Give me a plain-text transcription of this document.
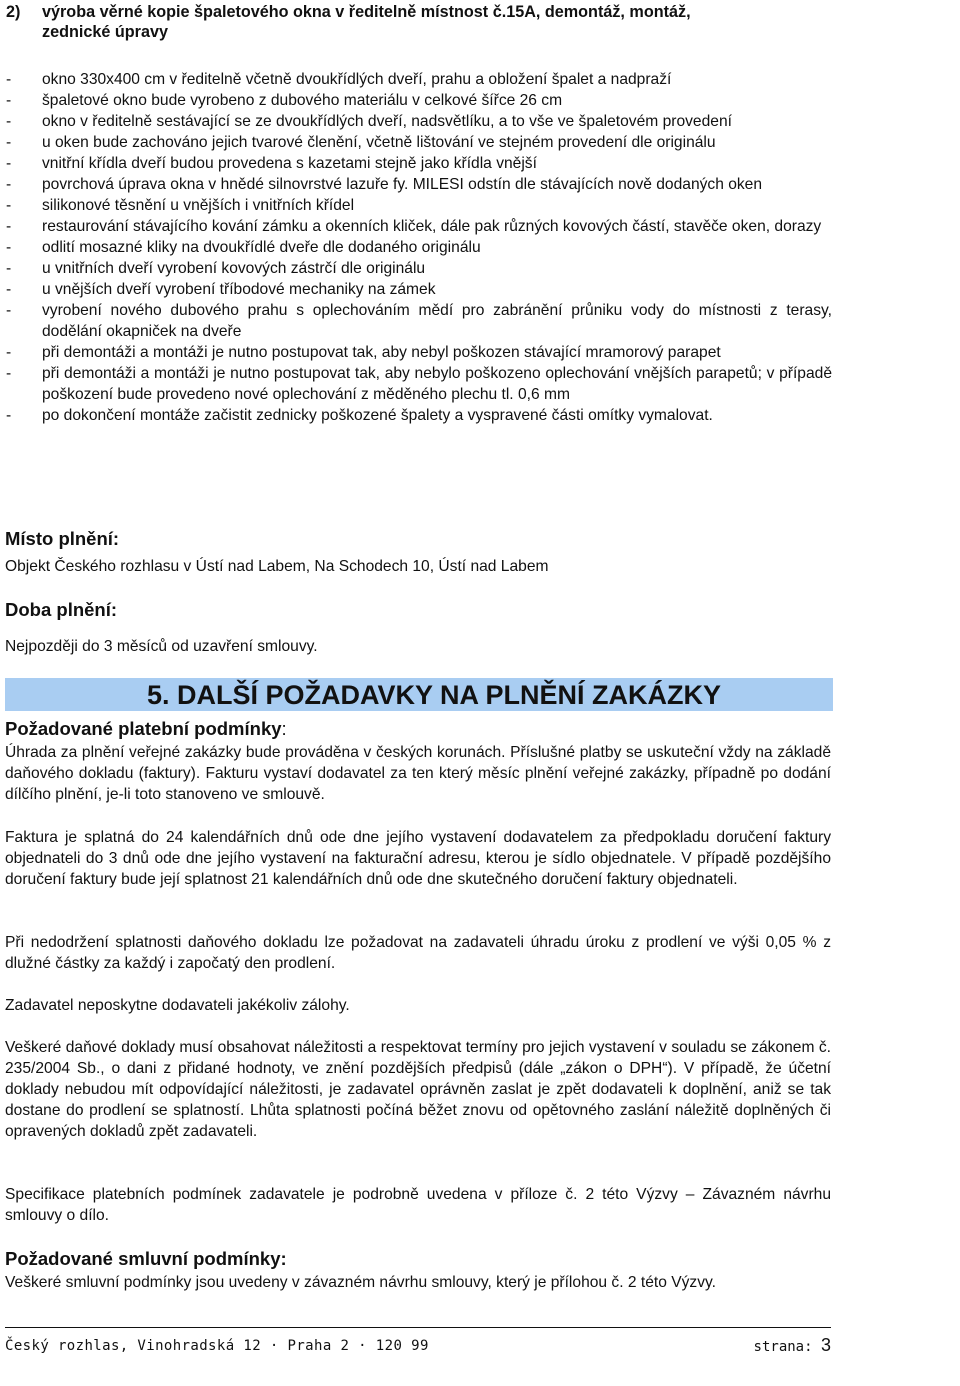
2) výroba věrné kopie špaletového okna v ředitelně místnost č.15A, demontáž, montáž,
zednické úpravy
- okno 330x400 cm v ředitelně včetně dvoukřídlých dveří, prahu a obložení špalet a nadpraží
- špaletové okno bude vyrobeno z dubového materiálu v celkové šířce 26 cm
- okno v ředitelně sestávající se ze dvoukřídlých dveří, nadsvětlíku, a to vše ve špaletovém provedení
- u oken bude zachováno jejich tvarové členění, včetně lištování ve stejném provedení dle originálu
- vnitřní křídla dveří budou provedena s kazetami stejně jako křídla vnější
- povrchová úprava okna v hnědé silnovrstvé lazuře fy. MILESI odstín dle stávajících nově dodaných oken
- silikonové těsnění u vnějších i vnitřních křídel
- restaurování stávajícího kování zámku a okenních kliček, dále pak různých kovových částí, stavěče oken, dorazy
- odlití mosazné kliky na dvoukřídlé dveře dle dodaného originálu
- u vnitřních dveří vyrobení kovových zástrčí dle originálu
- u vnějších dveří vyrobení tříbodové mechaniky na zámek
- vyrobení nového dubového prahu s oplechováním mědí pro zabránění průniku vody do místnosti z terasy, dodělání okapniček na dveře
- při demontáži a montáži je nutno postupovat tak, aby nebyl poškozen stávající mramorový parapet
- při demontáži a montáži je nutno postupovat tak, aby nebylo poškozeno oplechování vnějších parapetů; v případě poškození bude provedeno nové oplechování z měděného plechu tl. 0,6 mm
- po dokončení montáže začistit zednicky poškozené špalety a vyspravené části omítky vymalovat.
Místo plnění:
Objekt Českého rozhlasu v Ústí nad Labem, Na Schodech 10, Ústí nad Labem
Doba plnění:
Nejpozději do 3 měsíců od uzavření smlouvy.
5. DALŠÍ POŽADAVKY NA PLNĚNÍ ZAKÁZKY
Požadované platební podmínky:

Úhrada za plnění veřejné zakázky bude prováděna v českých korunách. Příslušné platby se uskuteční vždy na základě daňového dokladu (faktury). Fakturu vystaví dodavatel za ten který měsíc plnění veřejné zakázky, případně po dodání dílčího plnění, je-li toto stanoveno ve smlouvě.

Faktura je splatná do 24 kalendářních dnů ode dne jejího vystavení dodavatelem za předpokladu doručení faktury objednateli do 3 dnů ode dne jejího vystavení na fakturační adresu, kterou je sídlo objednatele. V případě pozdějšího doručení faktury bude její splatnost 21 kalendářních dnů ode dne skutečného doručení faktury objednateli.

Při nedodržení splatnosti daňového dokladu lze požadovat na zadavateli úhradu úroku z prodlení ve výši 0,05 % z dlužné částky za každý i započatý den prodlení.

Zadavatel neposkytne dodavateli jakékoliv zálohy.

Veškeré daňové doklady musí obsahovat náležitosti a respektovat termíny pro jejich vystavení v souladu se zákonem č. 235/2004 Sb., o dani z přidané hodnoty, ve znění pozdějších předpisů (dále „zákon o DPH“). V případě, že účetní doklady nebudou mít odpovídající náležitosti, je zadavatel oprávněn zaslat je zpět dodavateli k doplnění, aniž se tak dostane do prodlení se splatností. Lhůta splatnosti počíná běžet znovu od opětovného zaslání náležitě doplněných či opravených dokladů zpět zadavateli.

Specifikace platebních podmínek zadavatele je podrobně uvedena v příloze č. 2 této Výzvy – Závazném návrhu smlouvy o dílo.

Požadované smluvní podmínky:

Veškeré smluvní podmínky jsou uvedeny v závazném návrhu smlouvy, který je přílohou č. 2 této Výzvy.

Český rozhlas, Vinohradská 12 · Praha 2 · 120 99	strana: 3
